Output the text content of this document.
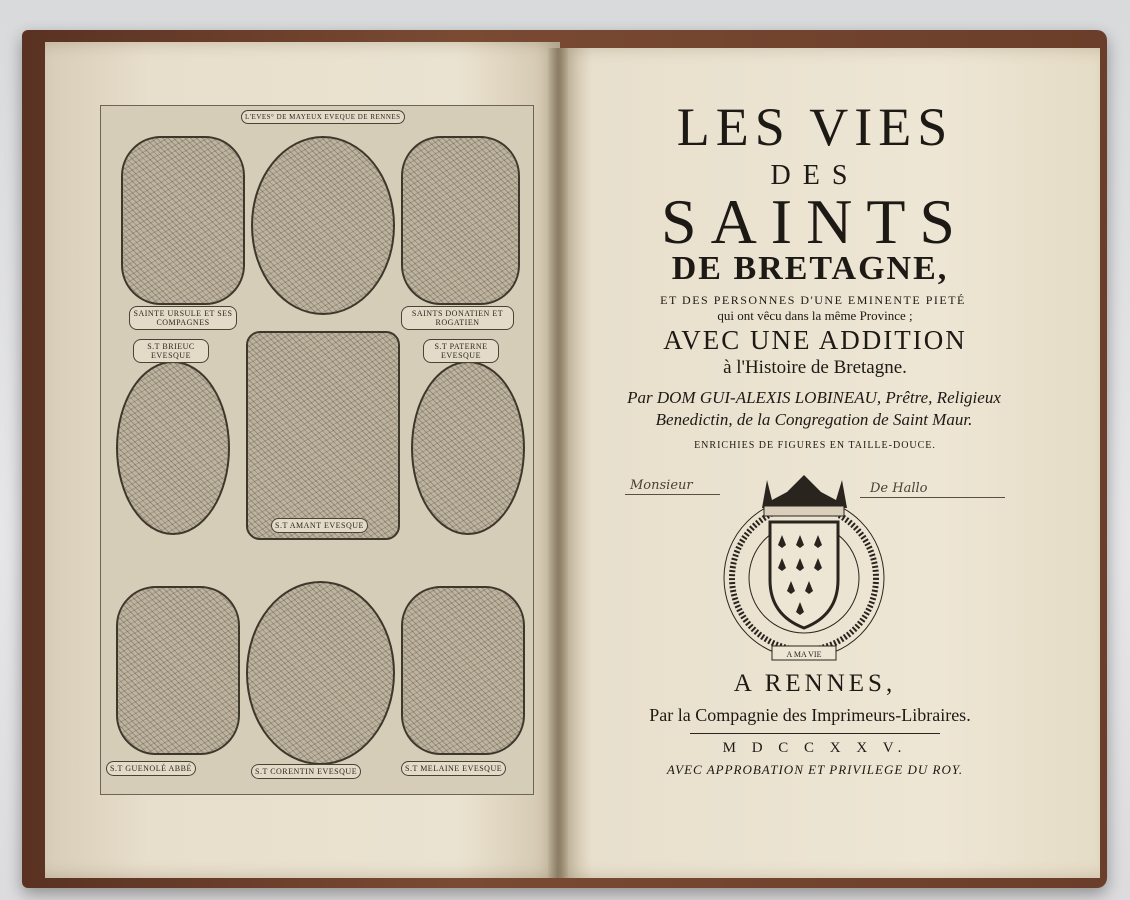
L'EVES° DE MAYEUX EVEQUE DE RENNES
SAINTE URSULE ET SES COMPAGNES
SAINTS DONATIEN ET ROGATIEN
S.T BRIEUC EVESQUE
S.T PATERNE EVESQUE
S.T AMANT EVESQUE
S.T GUENOLÉ ABBÉ	S.T CORENTIN EVESQUE	S.T MELAINE EVESQUE
LES VIES
DES
SAINTS
DE BRETAGNE,
ET DES PERSONNES D'UNE EMINENTE PIETÉ
qui ont vêcu dans la même Province ;
AVEC UNE ADDITION
à l'Histoire de Bretagne.
Par DOM GUI-ALEXIS LOBINEAU, Prêtre, Religieux
Benedictin, de la Congregation de Saint Maur.
ENRICHIES DE FIGURES EN TAILLE-DOUCE.
Monsieur	De Hallo
A MA VIE
A RENNES,
Par la Compagnie des Imprimeurs-Libraires.
M D C C X X V.
AVEC APPROBATION ET PRIVILEGE DU ROY.
